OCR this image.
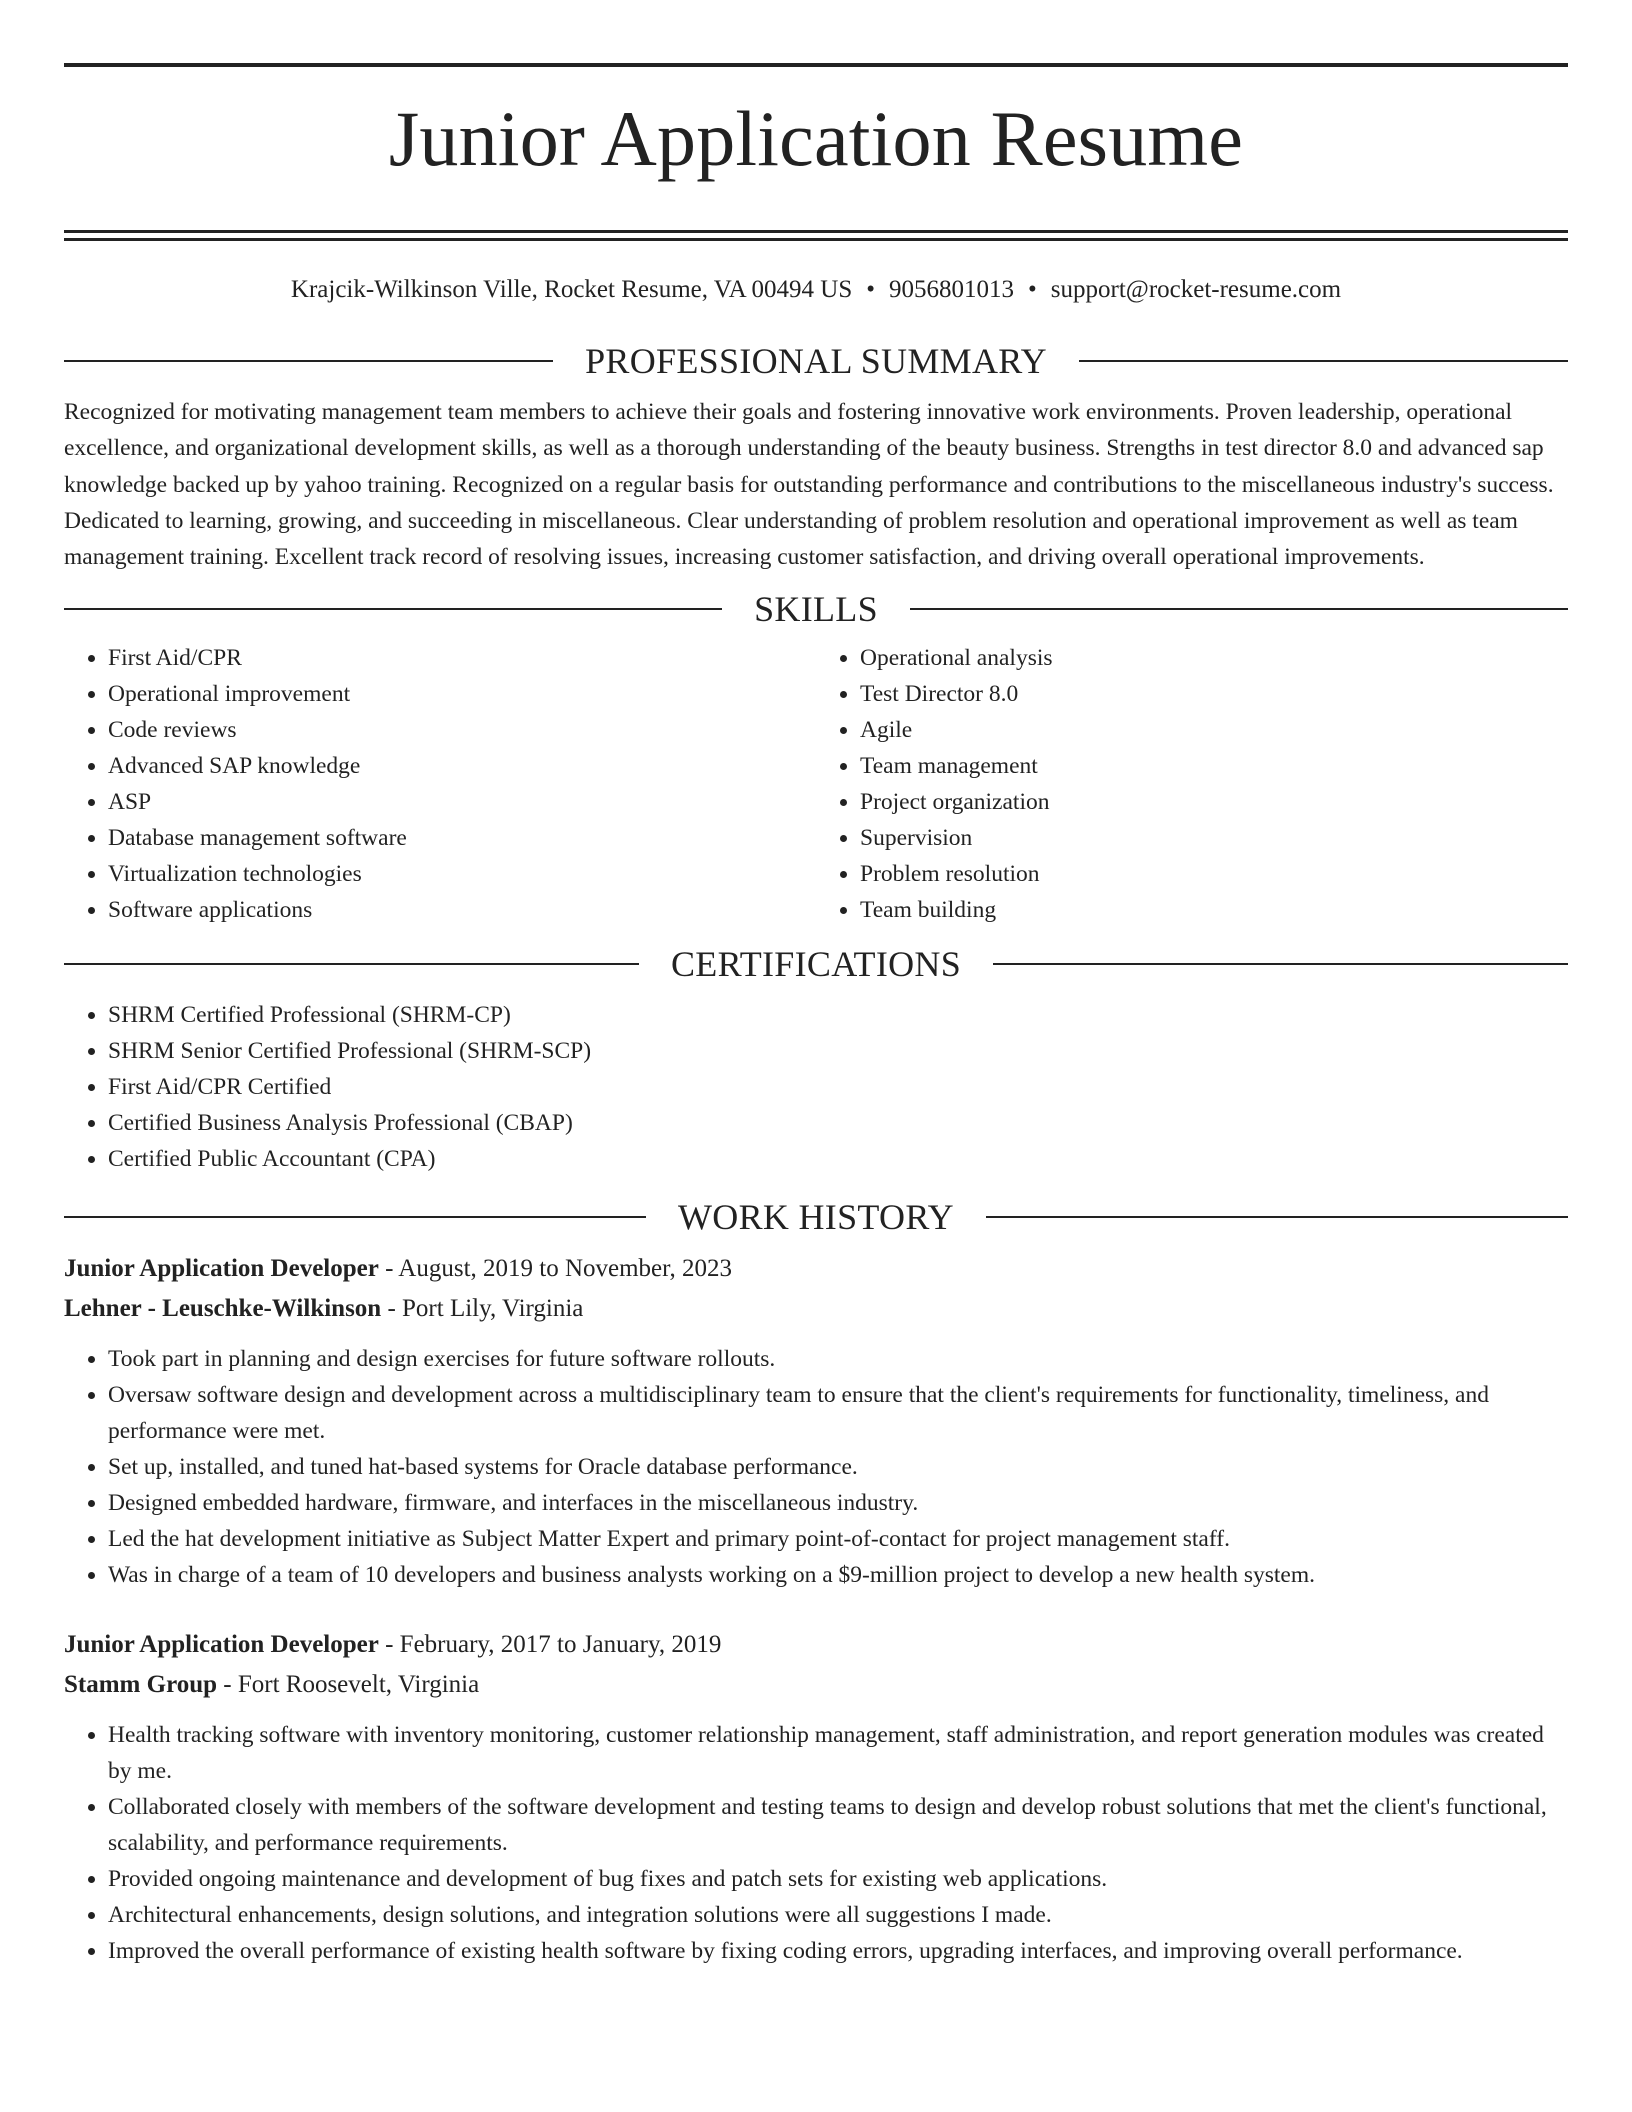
Junior Application Resume
Krajcik-Wilkinson Ville, Rocket Resume, VA 00494 US • 9056801013 • support@rocket-resume.com
PROFESSIONAL SUMMARY

Recognized for motivating management team members to achieve their goals and fostering innovative work environments. Proven leadership, operational excellence, and organizational development skills, as well as a thorough understanding of the beauty business. Strengths in test director 8.0 and advanced sap knowledge backed up by yahoo training. Recognized on a regular basis for outstanding performance and contributions to the miscellaneous industry's success. Dedicated to learning, growing, and succeeding in miscellaneous. Clear understanding of problem resolution and operational improvement as well as team management training. Excellent track record of resolving issues, increasing customer satisfaction, and driving overall operational improvements.

SKILLS
• First Aid/CPR
• Operational improvement
• Code reviews
• Advanced SAP knowledge
• ASP
• Database management software
• Virtualization technologies
• Software applications
• Operational analysis
• Test Director 8.0
• Agile
• Team management
• Project organization
• Supervision
• Problem resolution
• Team building
CERTIFICATIONS
• SHRM Certified Professional (SHRM-CP)
• SHRM Senior Certified Professional (SHRM-SCP)
• First Aid/CPR Certified
• Certified Business Analysis Professional (CBAP)
• Certified Public Accountant (CPA)
WORK HISTORY
Junior Application Developer - August, 2019 to November, 2023
Lehner - Leuschke-Wilkinson - Port Lily, Virginia
• Took part in planning and design exercises for future software rollouts.
• Oversaw software design and development across a multidisciplinary team to ensure that the client's requirements for functionality, timeliness, and performance were met.
• Set up, installed, and tuned hat-based systems for Oracle database performance.
• Designed embedded hardware, firmware, and interfaces in the miscellaneous industry.
• Led the hat development initiative as Subject Matter Expert and primary point-of-contact for project management staff.
• Was in charge of a team of 10 developers and business analysts working on a $9-million project to develop a new health system.
Junior Application Developer - February, 2017 to January, 2019
Stamm Group - Fort Roosevelt, Virginia
• Health tracking software with inventory monitoring, customer relationship management, staff administration, and report generation modules was created by me.
• Collaborated closely with members of the software development and testing teams to design and develop robust solutions that met the client's functional, scalability, and performance requirements.
• Provided ongoing maintenance and development of bug fixes and patch sets for existing web applications.
• Architectural enhancements, design solutions, and integration solutions were all suggestions I made.
• Improved the overall performance of existing health software by fixing coding errors, upgrading interfaces, and improving overall performance.
